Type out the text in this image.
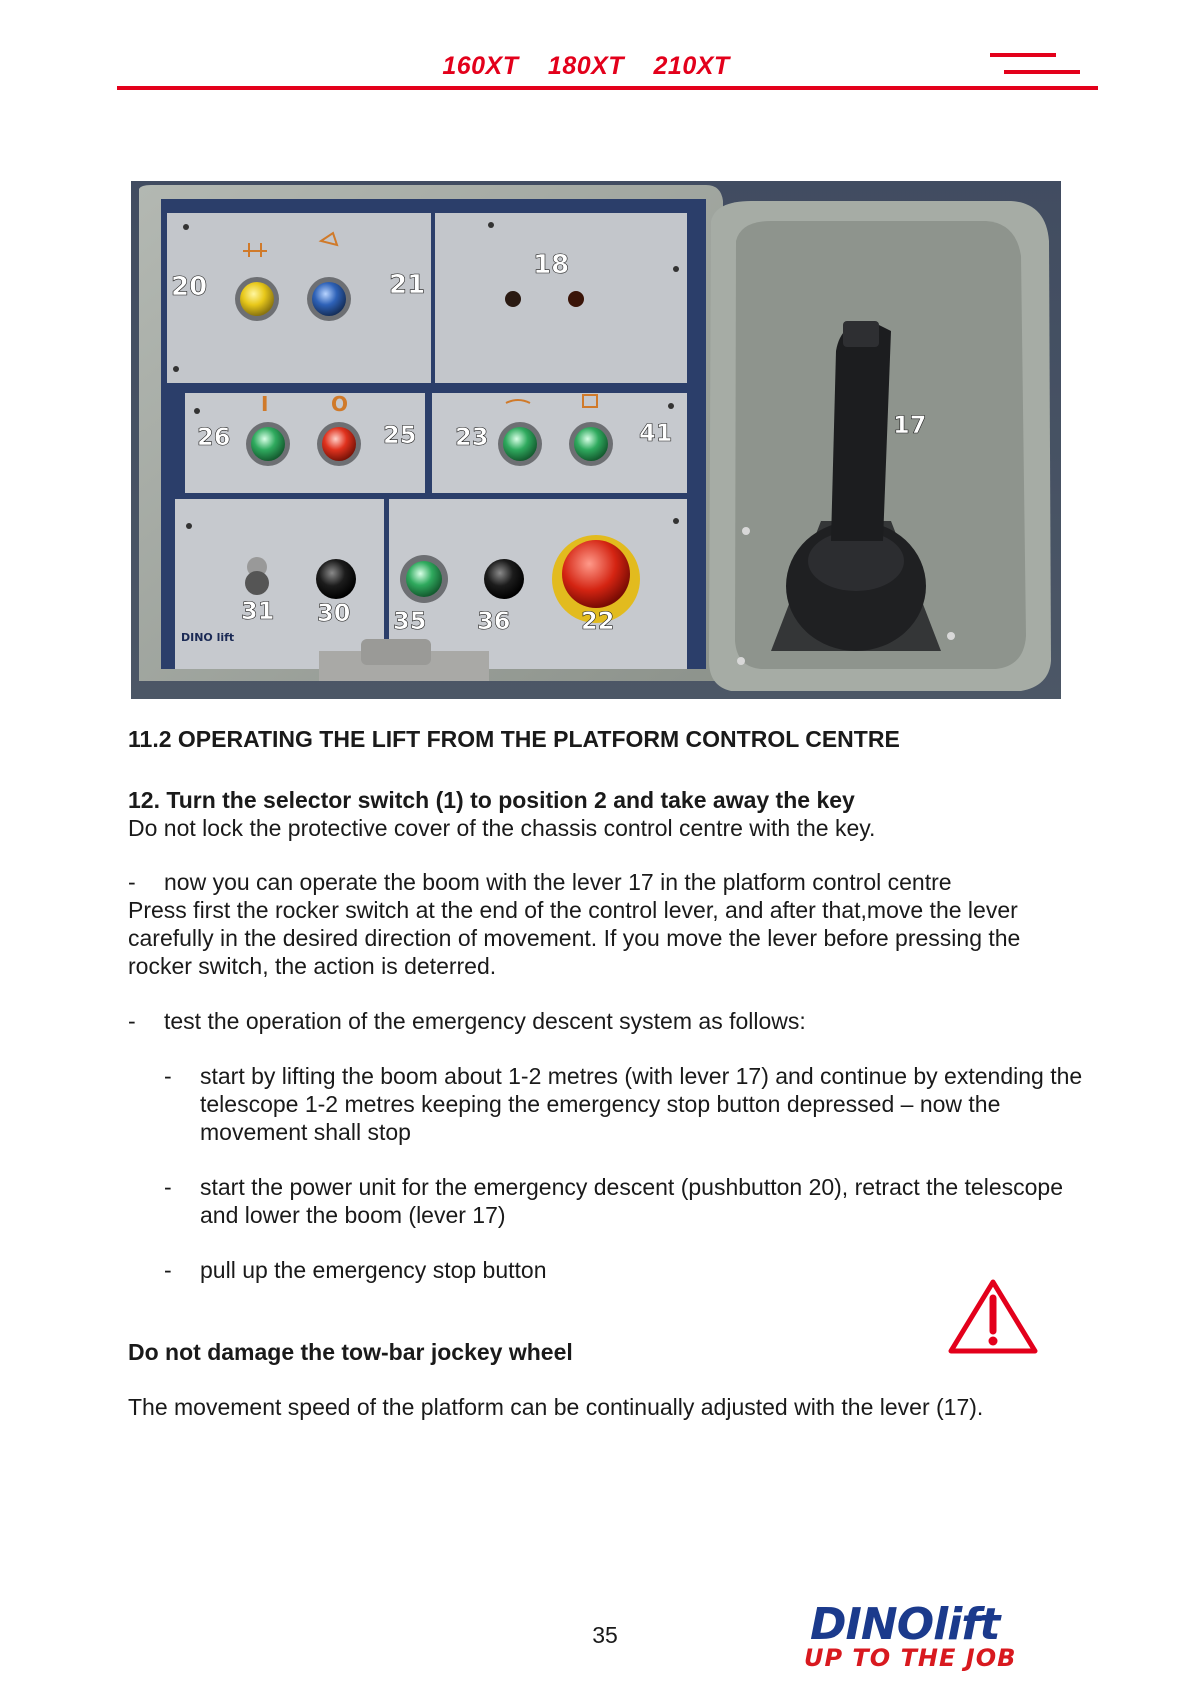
160XT 180XT 210XT
20	21
18
26	25 23	41
31 30 35 36	22
17
I	O
DINO lift
11.2 OPERATING THE LIFT FROM THE PLATFORM CONTROL CENTRE
12. Turn the selector switch (1) to position 2 and take away the key
Do not lock the protective cover of the chassis control centre with the key.
- now you can operate the boom with the lever 17 in the platform control centre
Press first the rocker switch at the end of the control lever, and after that,move the lever carefully in the desired direction of movement. If you move the lever before pressing the rocker switch, the action is deterred.
- test the operation of the emergency descent system as follows:
-	start by lifting the boom about 1-2 metres (with lever 17) and continue by extending the telescope 1-2 metres keeping the emergency stop button depressed – now the movement shall stop
-	start the power unit for the emergency descent (pushbutton 20), retract the telescope and lower the boom (lever 17)
-	pull up the emergency stop button
Do not damage the tow-bar jockey wheel
The movement speed of the platform can be continually adjusted with the lever (17).
35	DINOlift
UP TO THE JOB
